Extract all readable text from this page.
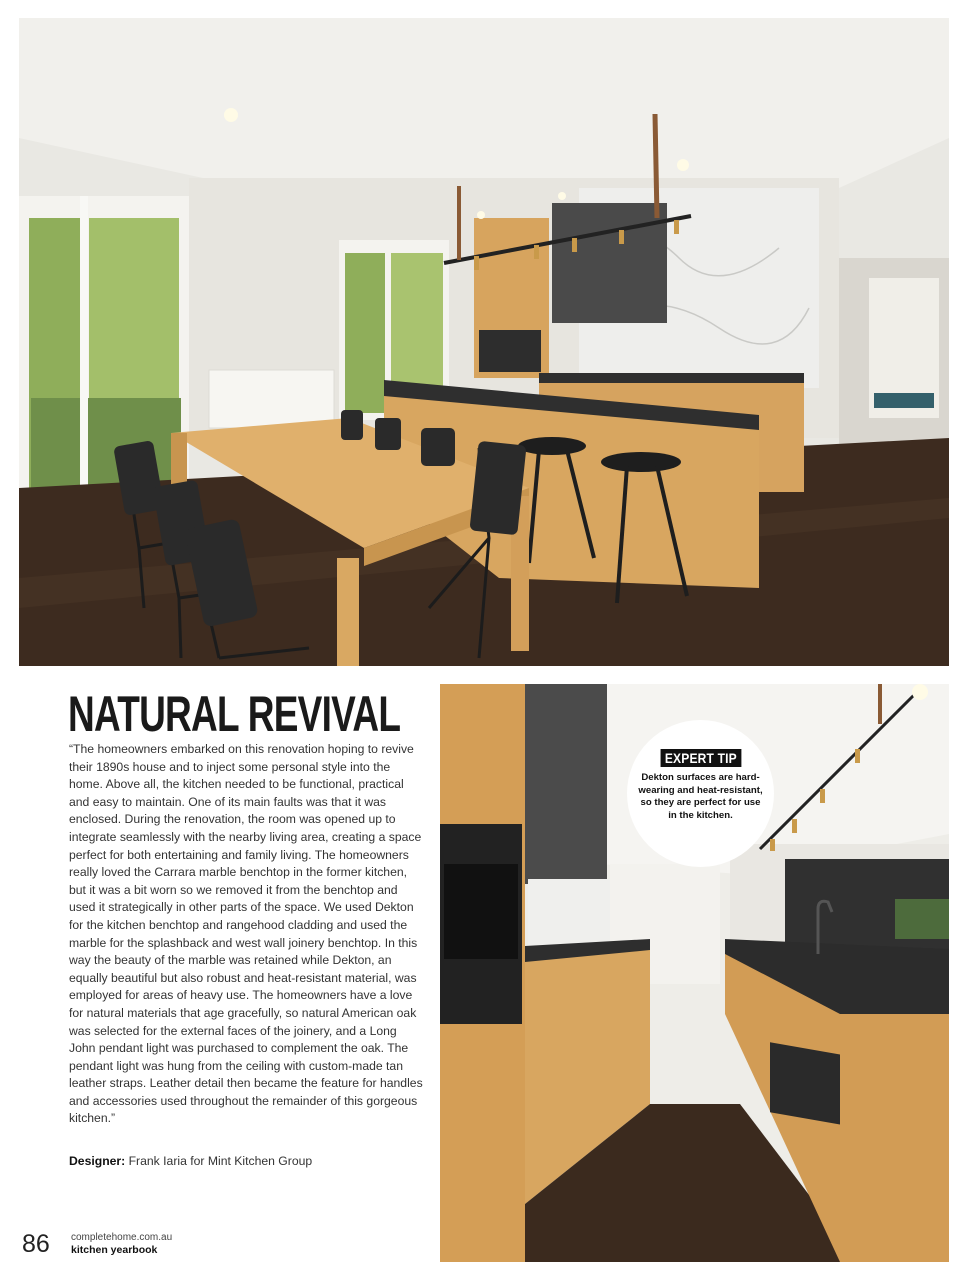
NATURAL REVIVAL

“The homeowners embarked on this renovation hoping to revive their 1890s house and to inject some personal style into the home. Above all, the kitchen needed to be functional, practical and easy to maintain. One of its main faults was that it was enclosed. During the renovation, the room was opened up to integrate seamlessly with the nearby living area, creating a space perfect for both entertaining and family living. The homeowners really loved the Carrara marble benchtop in the former kitchen, but it was a bit worn so we removed it from the benchtop and used it strategically in other parts of the space. We used Dekton for the kitchen benchtop and rangehood cladding and used the marble for the splashback and west wall joinery benchtop. In this way the beauty of the marble was retained while Dekton, an equally beautiful but also robust and heat-resistant material, was employed for areas of heavy use. The homeowners have a love for natural materials that age gracefully, so natural American oak was selected for the external faces of the joinery, and a Long John pendant light was purchased to complement the oak. The pendant light was hung from the ceiling with custom-made tan leather straps. Leather detail then became the feature for handles and accessories used throughout the remainder of this gorgeous kitchen.”

Designer: Frank Iaria for Mint Kitchen Group

EXPERT TIP
Dekton surfaces are hard-wearing and heat-resistant, so they are perfect for use in the kitchen.
86 completehome.com.au
kitchen yearbook
